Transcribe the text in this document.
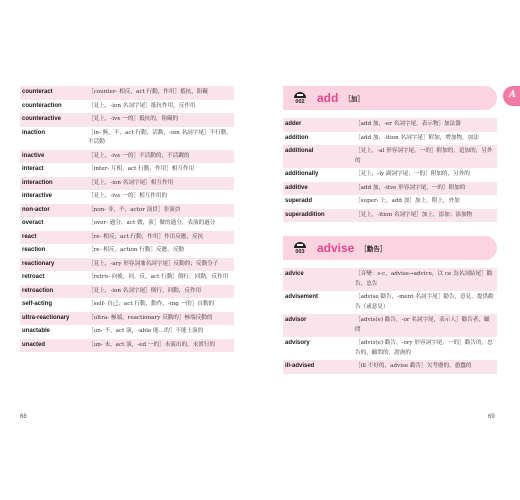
counteract	［counter- 相反，act 行動，作用］抵抗，阻礙
counteraction	［見上，-ion 名詞字尾］抵抗作用，反作用
counteractive	［見上，-ive 一的］抵抗的，阻礙的
inaction	［in- 無，不，act 行動，活動，-ion 名詞字尾］不行動，不活動
inactive	［見上，-ive 一的］不活動的，不活躍的
interact	［inter- 互相，act 行動，作用］相互作用
interaction	［見上，-ion 名詞字尾］相互作用
interactive	［見上，-ive 一的］相互作用的
non-actor	［non- 非，不，actor 演員］非演員
overact	［over- 過分，act 做，演］做的過分，表演的過分
react	［re- 相反，act 行動，作用］作出反應，反抗
reaction	［re- 相反，action 行動］反應，反動
reactionary	［見上，-ary 形容詞兼名詞字尾］反動的；反動分子
retroact	［retro- 向後，回，反，act 行動］倒行，回動，反作用
retroaction	［見上，-ion 名詞字尾］倒行，回動，反作用
self-acting	［self- 自己，act 行動，動作，-ing 一的］自動的
ultra-reactionary	［ultra- 極端，reactionary 反動的］極端反動的
unactable	［un- 不，act 演，-able 能…的］不能上演的
unacted	［un- 未，act 演，-ed 一的］未演出的，未實行的
002 add ［加］
adder	［add 加，-er 名詞字尾，表示物］加法器
addition	［add 加，-ition 名詞字尾］附加，增加物，加法
additional	［見上，-al 形容詞字尾，一的］附加的，追加的，另外的
additionally	［見上，-ly 副詞字尾，一的］附加的，另外的
additive	［add 加，-itve 形容詞字尾，一的］附加的
superadd	［super- 上，add 加］加上，附上，外加
superaddition	［見上，-ition 名詞字尾］加上，添加；添加物
003 advise ［勸告］
advice	［音變：s-c，advise→advice，以 ce 為名詞結尾］勸告，忠告
advisement	［advise 勸告，-ment 名詞字尾］勸告，意見，提供勸告（或意見）
advisor	［advis(e) 勸告，-or 名詞字尾，表示人］勸告者，顧問
advisory	［advis(e) 勸告，-ory 形容詞字尾，一的］勸告的，忠告的，顧問的，諮詢的
ill-advised	［ill 不好的，advise 勸告］欠考慮的，愚蠢的
A
68	69
